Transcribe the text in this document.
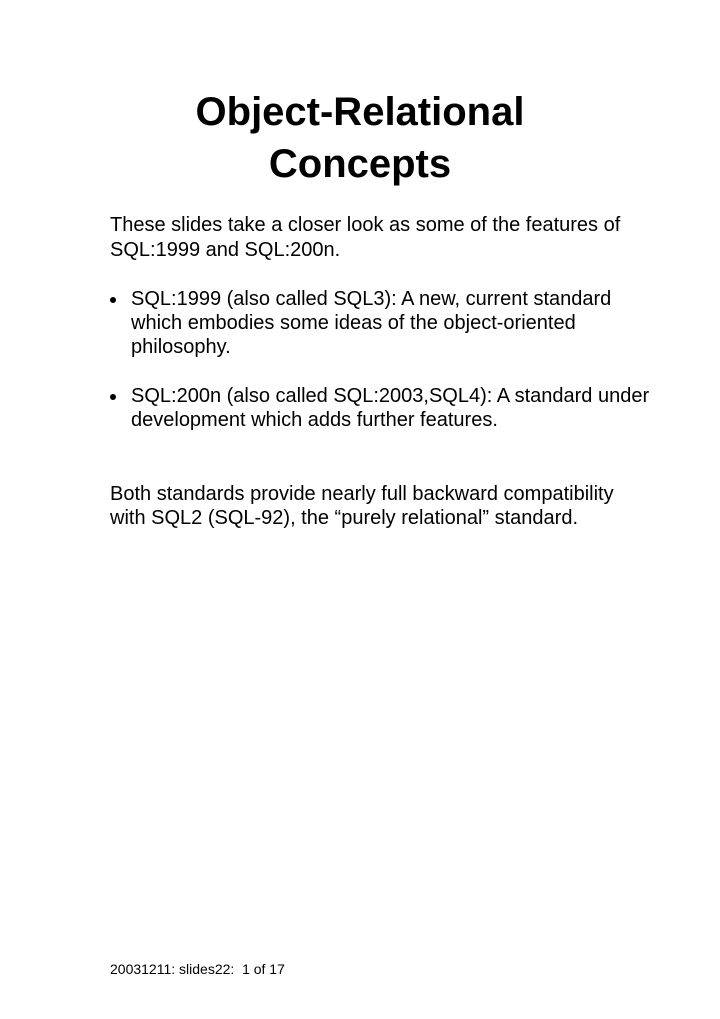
Object-Relational
Concepts

These slides take a closer look as some of the features of SQL:1999 and SQL:200n.

SQL:1999 (also called SQL3): A new, current standard which embodies some ideas of the object-oriented philosophy.
SQL:200n (also called SQL:2003,SQL4): A standard under development which adds further features.

Both standards provide nearly full backward compatibility with SQL2 (SQL-92), the “purely relational” standard.

20031211: slides22:  1 of 17
